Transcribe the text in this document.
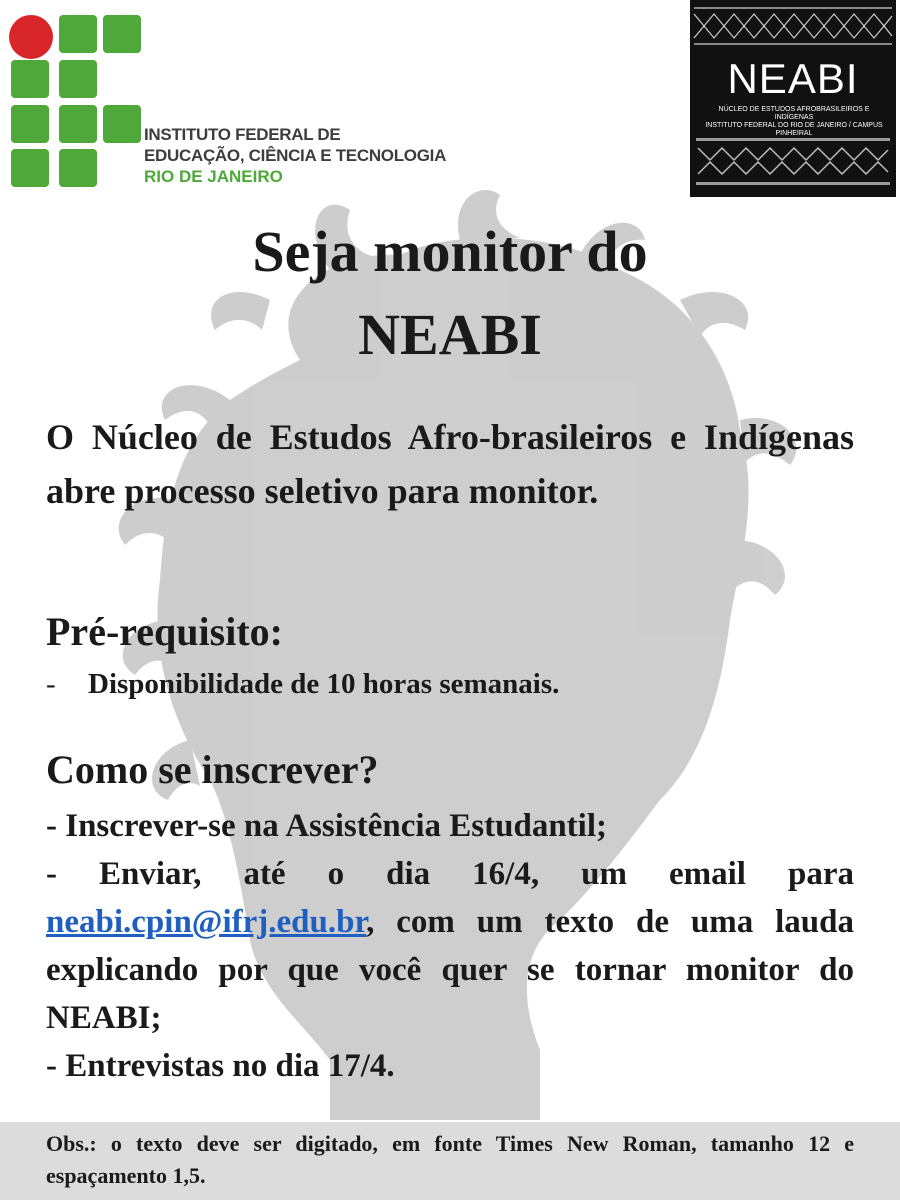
INSTITUTO FEDERAL DE
EDUCAÇÃO, CIÊNCIA E TECNOLOGIA
RIO DE JANEIRO
NEABI
NÚCLEO DE ESTUDOS AFROBRASILEIROS E INDÍGENAS
INSTITUTO FEDERAL DO RIO DE JANEIRO / CAMPUS PINHEIRAL
Seja monitor do
NEABI
O Núcleo de Estudos Afro-brasileiros e Indígenas abre processo seletivo para monitor.
Pré-requisito:
- Disponibilidade de 10 horas semanais.
Como se inscrever?

- Inscrever-se na Assistência Estudantil;

- Enviar, até o dia 16/4, um email para neabi.cpin@ifrj.edu.br, com um texto de uma lauda explicando por que você quer se tornar monitor do NEABI;

- Entrevistas no dia 17/4.

Obs.: o texto deve ser digitado, em fonte Times New Roman, tamanho 12 e espaçamento 1,5.
